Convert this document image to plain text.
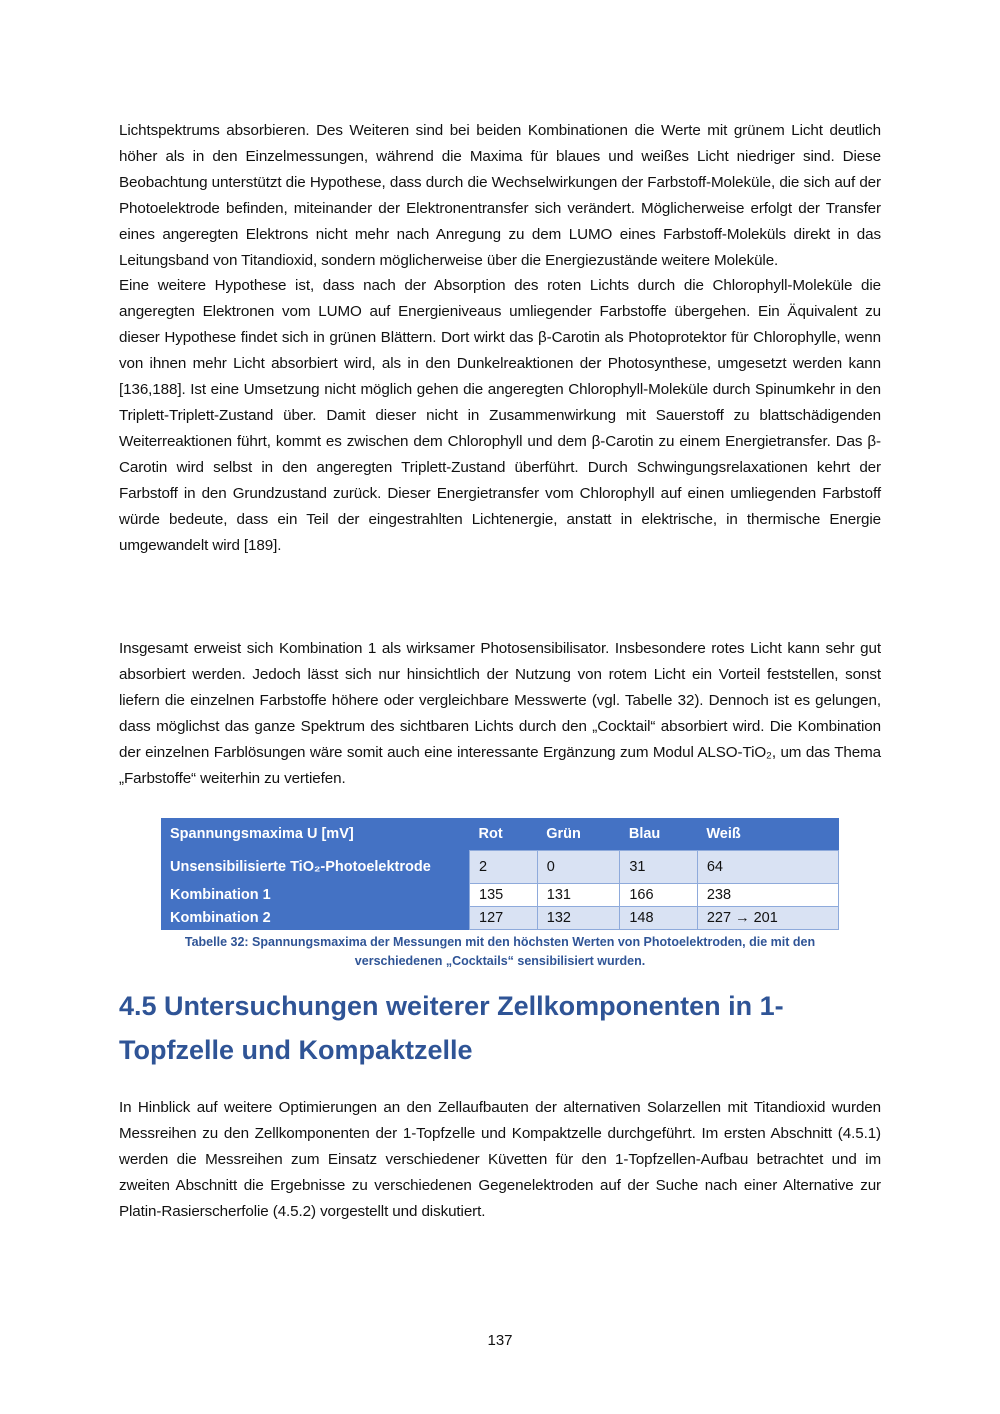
Lichtspektrums absorbieren. Des Weiteren sind bei beiden Kombinationen die Werte mit grünem Licht deutlich höher als in den Einzelmessungen, während die Maxima für blaues und weißes Licht niedriger sind. Diese Beobachtung unterstützt die Hypothese, dass durch die Wechselwirkungen der Farbstoff-Moleküle, die sich auf der Photoelektrode befinden, miteinander der Elektronentransfer sich verändert. Möglicherweise erfolgt der Transfer eines angeregten Elektrons nicht mehr nach Anregung zu dem LUMO eines Farbstoff-Moleküls direkt in das Leitungsband von Titandioxid, sondern möglicherweise über die Energiezustände weitere Moleküle.

Eine weitere Hypothese ist, dass nach der Absorption des roten Lichts durch die Chlorophyll-Moleküle die angeregten Elektronen vom LUMO auf Energieniveaus umliegender Farbstoffe übergehen. Ein Äquivalent zu dieser Hypothese findet sich in grünen Blättern. Dort wirkt das β-Carotin als Photoprotektor für Chlorophylle, wenn von ihnen mehr Licht absorbiert wird, als in den Dunkelreaktionen der Photosynthese, umgesetzt werden kann [136,188]. Ist eine Umsetzung nicht möglich gehen die angeregten Chlorophyll-Moleküle durch Spinumkehr in den Triplett-Triplett-Zustand über. Damit dieser nicht in Zusammenwirkung mit Sauerstoff zu blattschädigenden Weiterreaktionen führt, kommt es zwischen dem Chlorophyll und dem β-Carotin zu einem Energietransfer. Das β-Carotin wird selbst in den angeregten Triplett-Zustand überführt. Durch Schwingungsrelaxationen kehrt der Farbstoff in den Grundzustand zurück. Dieser Energietransfer vom Chlorophyll auf einen umliegenden Farbstoff würde bedeute, dass ein Teil der eingestrahlten Lichtenergie, anstatt in elektrische, in thermische Energie umgewandelt wird [189].

Insgesamt erweist sich Kombination 1 als wirksamer Photosensibilisator. Insbesondere rotes Licht kann sehr gut absorbiert werden. Jedoch lässt sich nur hinsichtlich der Nutzung von rotem Licht ein Vorteil feststellen, sonst liefern die einzelnen Farbstoffe höhere oder vergleichbare Messwerte (vgl. Tabelle 32). Dennoch ist es gelungen, dass möglichst das ganze Spektrum des sichtbaren Lichts durch den „Cocktail“ absorbiert wird. Die Kombination der einzelnen Farblösungen wäre somit auch eine interessante Ergänzung zum Modul ALSO-TiO₂, um das Thema „Farbstoffe“ weiterhin zu vertiefen.

Spannungsmaxima U [mV]	Rot	Grün	Blau	Weiß
Unsensibilisierte TiO₂-Photoelektrode	2	0	31	64
Kombination 1	135	131	166	238
Kombination 2	127	132	148	227 → 201
Tabelle 32: Spannungsmaxima der Messungen mit den höchsten Werten von Photoelektroden, die mit den verschiedenen „Cocktails“ sensibilisiert wurden.
4.5 Untersuchungen weiterer Zellkomponenten in 1-Topfzelle und Kompaktzelle

In Hinblick auf weitere Optimierungen an den Zellaufbauten der alternativen Solarzellen mit Titandioxid wurden Messreihen zu den Zellkomponenten der 1-Topfzelle und Kompaktzelle durchgeführt. Im ersten Abschnitt (4.5.1) werden die Messreihen zum Einsatz verschiedener Küvetten für den 1-Topfzellen-Aufbau betrachtet und im zweiten Abschnitt die Ergebnisse zu verschiedenen Gegenelektroden auf der Suche nach einer Alternative zur Platin-Rasierscherfolie (4.5.2) vorgestellt und diskutiert.

137
